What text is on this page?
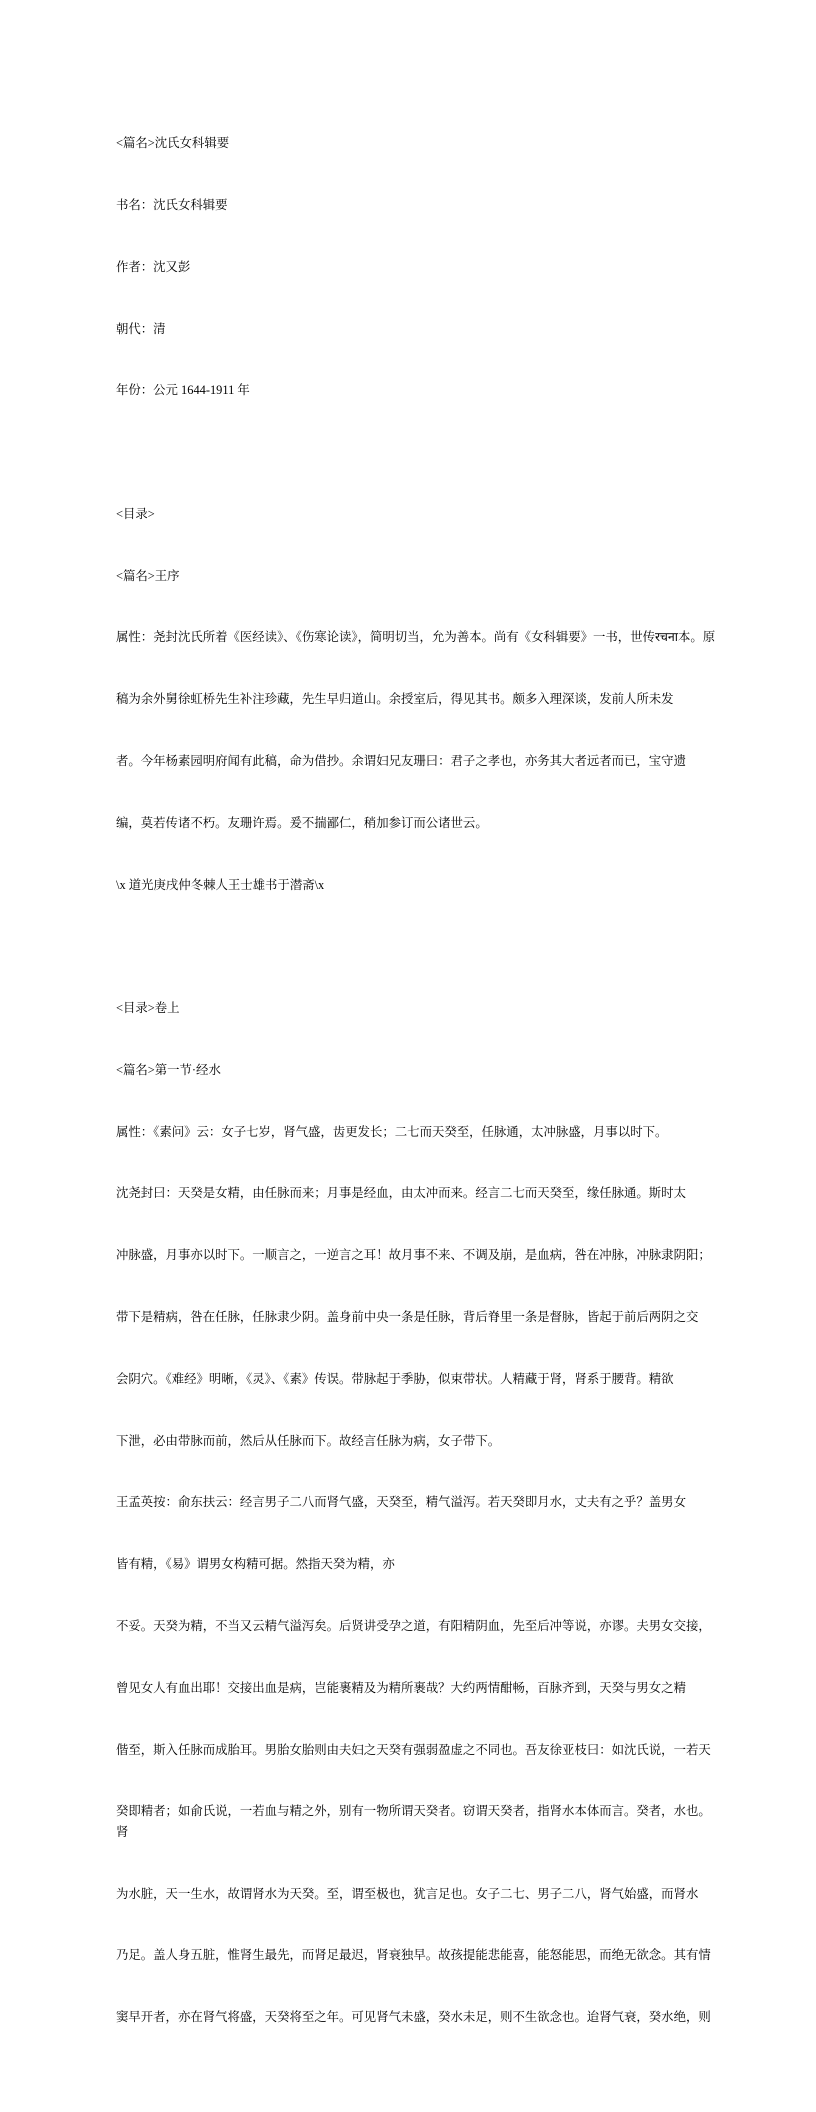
<篇名>沈氏女科辑要

书名：沈氏女科辑要

作者：沈又彭

朝代：清

年份：公元 1644-1911 年

<目录>

<篇名>王序

属性：尧封沈氏所着《医经读》、《伤寒论读》，简明切当，允为善本。尚有《女科辑要》一书，世传रचना本。原

稿为余外舅徐虹桥先生补注珍藏，先生早归道山。余授室后，得见其书。颇多入理深谈，发前人所未发

者。今年杨素园明府闻有此稿，命为借抄。余谓妇兄友珊曰：君子之孝也，亦务其大者远者而已，宝守遗

编，莫若传诸不朽。友珊许焉。爰不揣鄙仁，稍加参订而公诸世云。

\x 道光庚戌仲冬棘人王士雄书于潜斋\x

<目录>卷上

<篇名>第一节·经水

属性：《素问》云：女子七岁，肾气盛，齿更发长；二七而天癸至，任脉通，太冲脉盛，月事以时下。

沈尧封曰：天癸是女精，由任脉而来；月事是经血，由太冲而来。经言二七而天癸至，缘任脉通。斯时太

冲脉盛，月事亦以时下。一顺言之，一逆言之耳！故月事不来、不调及崩，是血病，咎在冲脉，冲脉隶阴阳；

带下是精病，咎在任脉，任脉隶少阴。盖身前中央一条是任脉，背后脊里一条是督脉，皆起于前后两阴之交

会阴穴。《难经》明晰，《灵》、《素》传误。带脉起于季胁，似束带状。人精藏于肾，肾系于腰背。精欲

下泄，必由带脉而前，然后从任脉而下。故经言任脉为病，女子带下。

王孟英按：俞东扶云：经言男子二八而肾气盛，天癸至，精气溢泻。若天癸即月水，丈夫有之乎？盖男女

皆有精，《易》谓男女构精可据。然指天癸为精，亦

不妥。天癸为精，不当又云精气溢泻矣。后贤讲受孕之道，有阳精阴血，先至后冲等说，亦谬。夫男女交接，

曾见女人有血出耶！交接出血是病，岂能裹精及为精所裹哉？大约两情酣畅，百脉齐到，天癸与男女之精

偕至，斯入任脉而成胎耳。男胎女胎则由夫妇之天癸有强弱盈虚之不同也。吾友徐亚枝曰：如沈氏说，一若天

癸即精者；如俞氏说，一若血与精之外，别有一物所谓天癸者。窃谓天癸者，指肾水本体而言。癸者，水也。肾

为水脏，天一生水，故谓肾水为天癸。至，谓至极也，犹言足也。女子二七、男子二八，肾气始盛，而肾水

乃足。盖人身五脏，惟肾生最先，而肾足最迟，肾衰独早。故孩提能悲能喜，能怒能思，而绝无欲念。其有情

窦早开者，亦在肾气将盛，天癸将至之年。可见肾气未盛，癸水未足，则不生欲念也。迨肾气衰，癸水绝，则
